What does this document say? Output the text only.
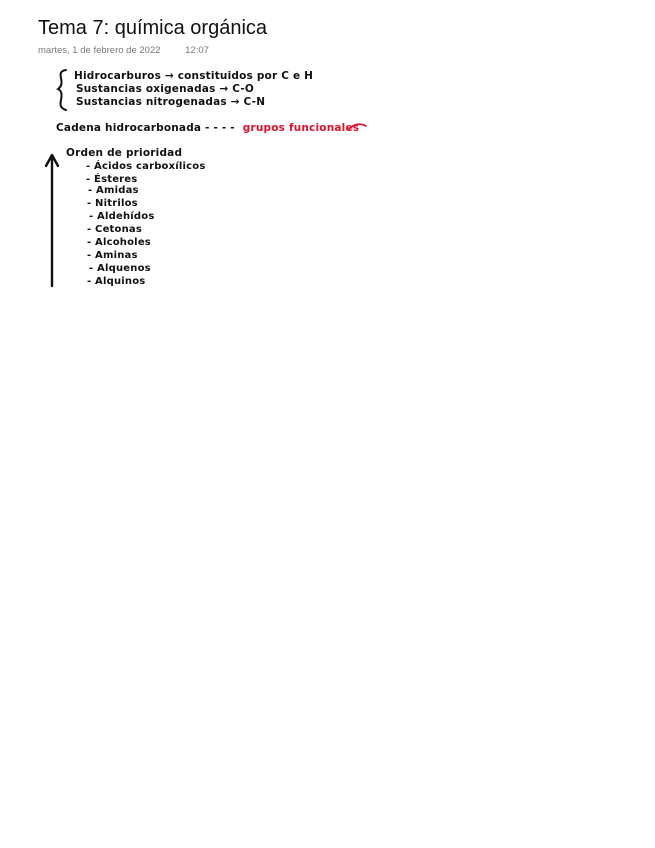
Tema 7: química orgánica
martes, 1 de febrero de 2022	12:07
Hidrocarburos → constituidos por C e H
Sustancias oxigenadas → C-O
Sustancias nitrogenadas → C-N
Cadena hidrocarbonada - - - - grupos funcionales
Orden de prioridad
- Ácidos carboxílicos
- Ésteres
- Amidas
- Nitrilos
- Aldehídos
- Cetonas
- Alcoholes
- Aminas
- Alquenos
- Alquinos
